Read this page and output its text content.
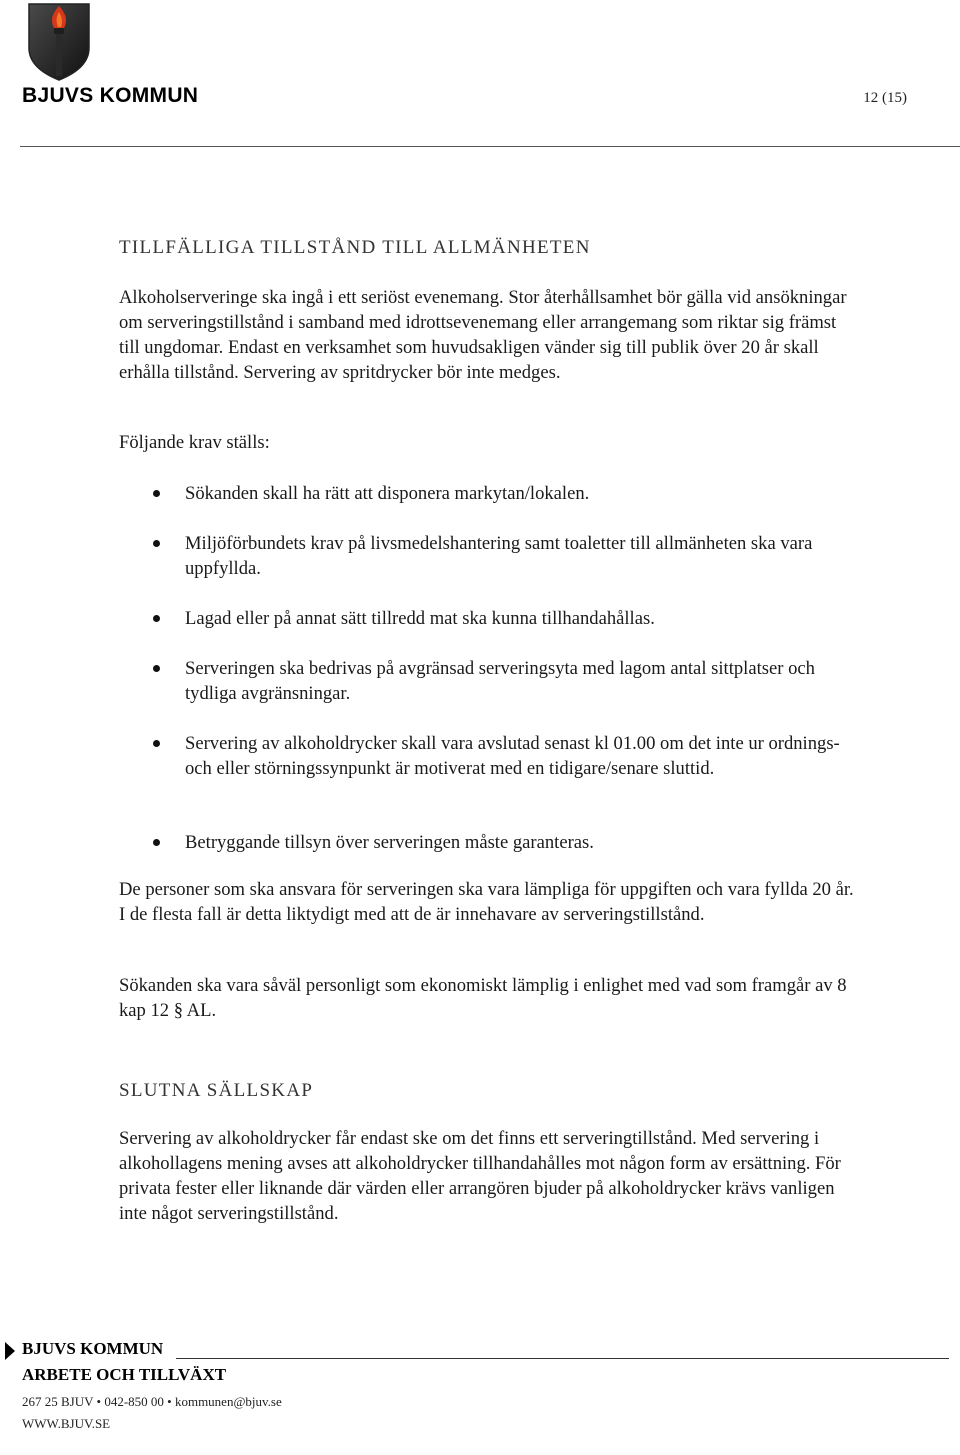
BJUVS KOMMUN	12 (15)
TILLFÄLLIGA TILLSTÅND TILL ALLMÄNHETEN

Alkoholserveringe ska ingå i ett seriöst evenemang. Stor återhållsamhet bör gälla vid ansökningar om serveringstillstånd i samband med idrottsevenemang eller arrangemang som riktar sig främst till ungdomar. Endast en verksamhet som huvudsakligen vänder sig till publik över 20 år skall erhålla tillstånd. Servering av spritdrycker bör inte medges.

Följande krav ställs:

Sökanden skall ha rätt att disponera markytan/lokalen.
Miljöförbundets krav på livsmedelshantering samt toaletter till allmänheten ska vara uppfyllda.
Lagad eller på annat sätt tillredd mat ska kunna tillhandahållas.
Serveringen ska bedrivas på avgränsad serveringsyta med lagom antal sittplatser och tydliga avgränsningar.
Servering av alkoholdrycker skall vara avslutad senast kl 01.00 om det inte ur ordnings- och eller störningssynpunkt är motiverat med en tidigare/senare sluttid.
Betryggande tillsyn över serveringen måste garanteras.

De personer som ska ansvara för serveringen ska vara lämpliga för uppgiften och vara fyllda 20 år. I de flesta fall är detta liktydigt med att de är innehavare av serveringstillstånd.

Sökanden ska vara såväl personligt som ekonomiskt lämplig i enlighet med vad som framgår av 8 kap 12 § AL.

SLUTNA SÄLLSKAP

Servering av alkoholdrycker får endast ske om det finns ett serveringtillstånd. Med servering i alkohollagens mening avses att alkoholdrycker tillhandahålles mot någon form av ersättning. För privata fester eller liknande där värden eller arrangören bjuder på alkoholdrycker krävs vanligen inte något serveringstillstånd.

BJUVS KOMMUN
ARBETE OCH TILLVÄXT
267 25 BJUV • 042-850 00 • kommunen@bjuv.se
WWW.BJUV.SE
